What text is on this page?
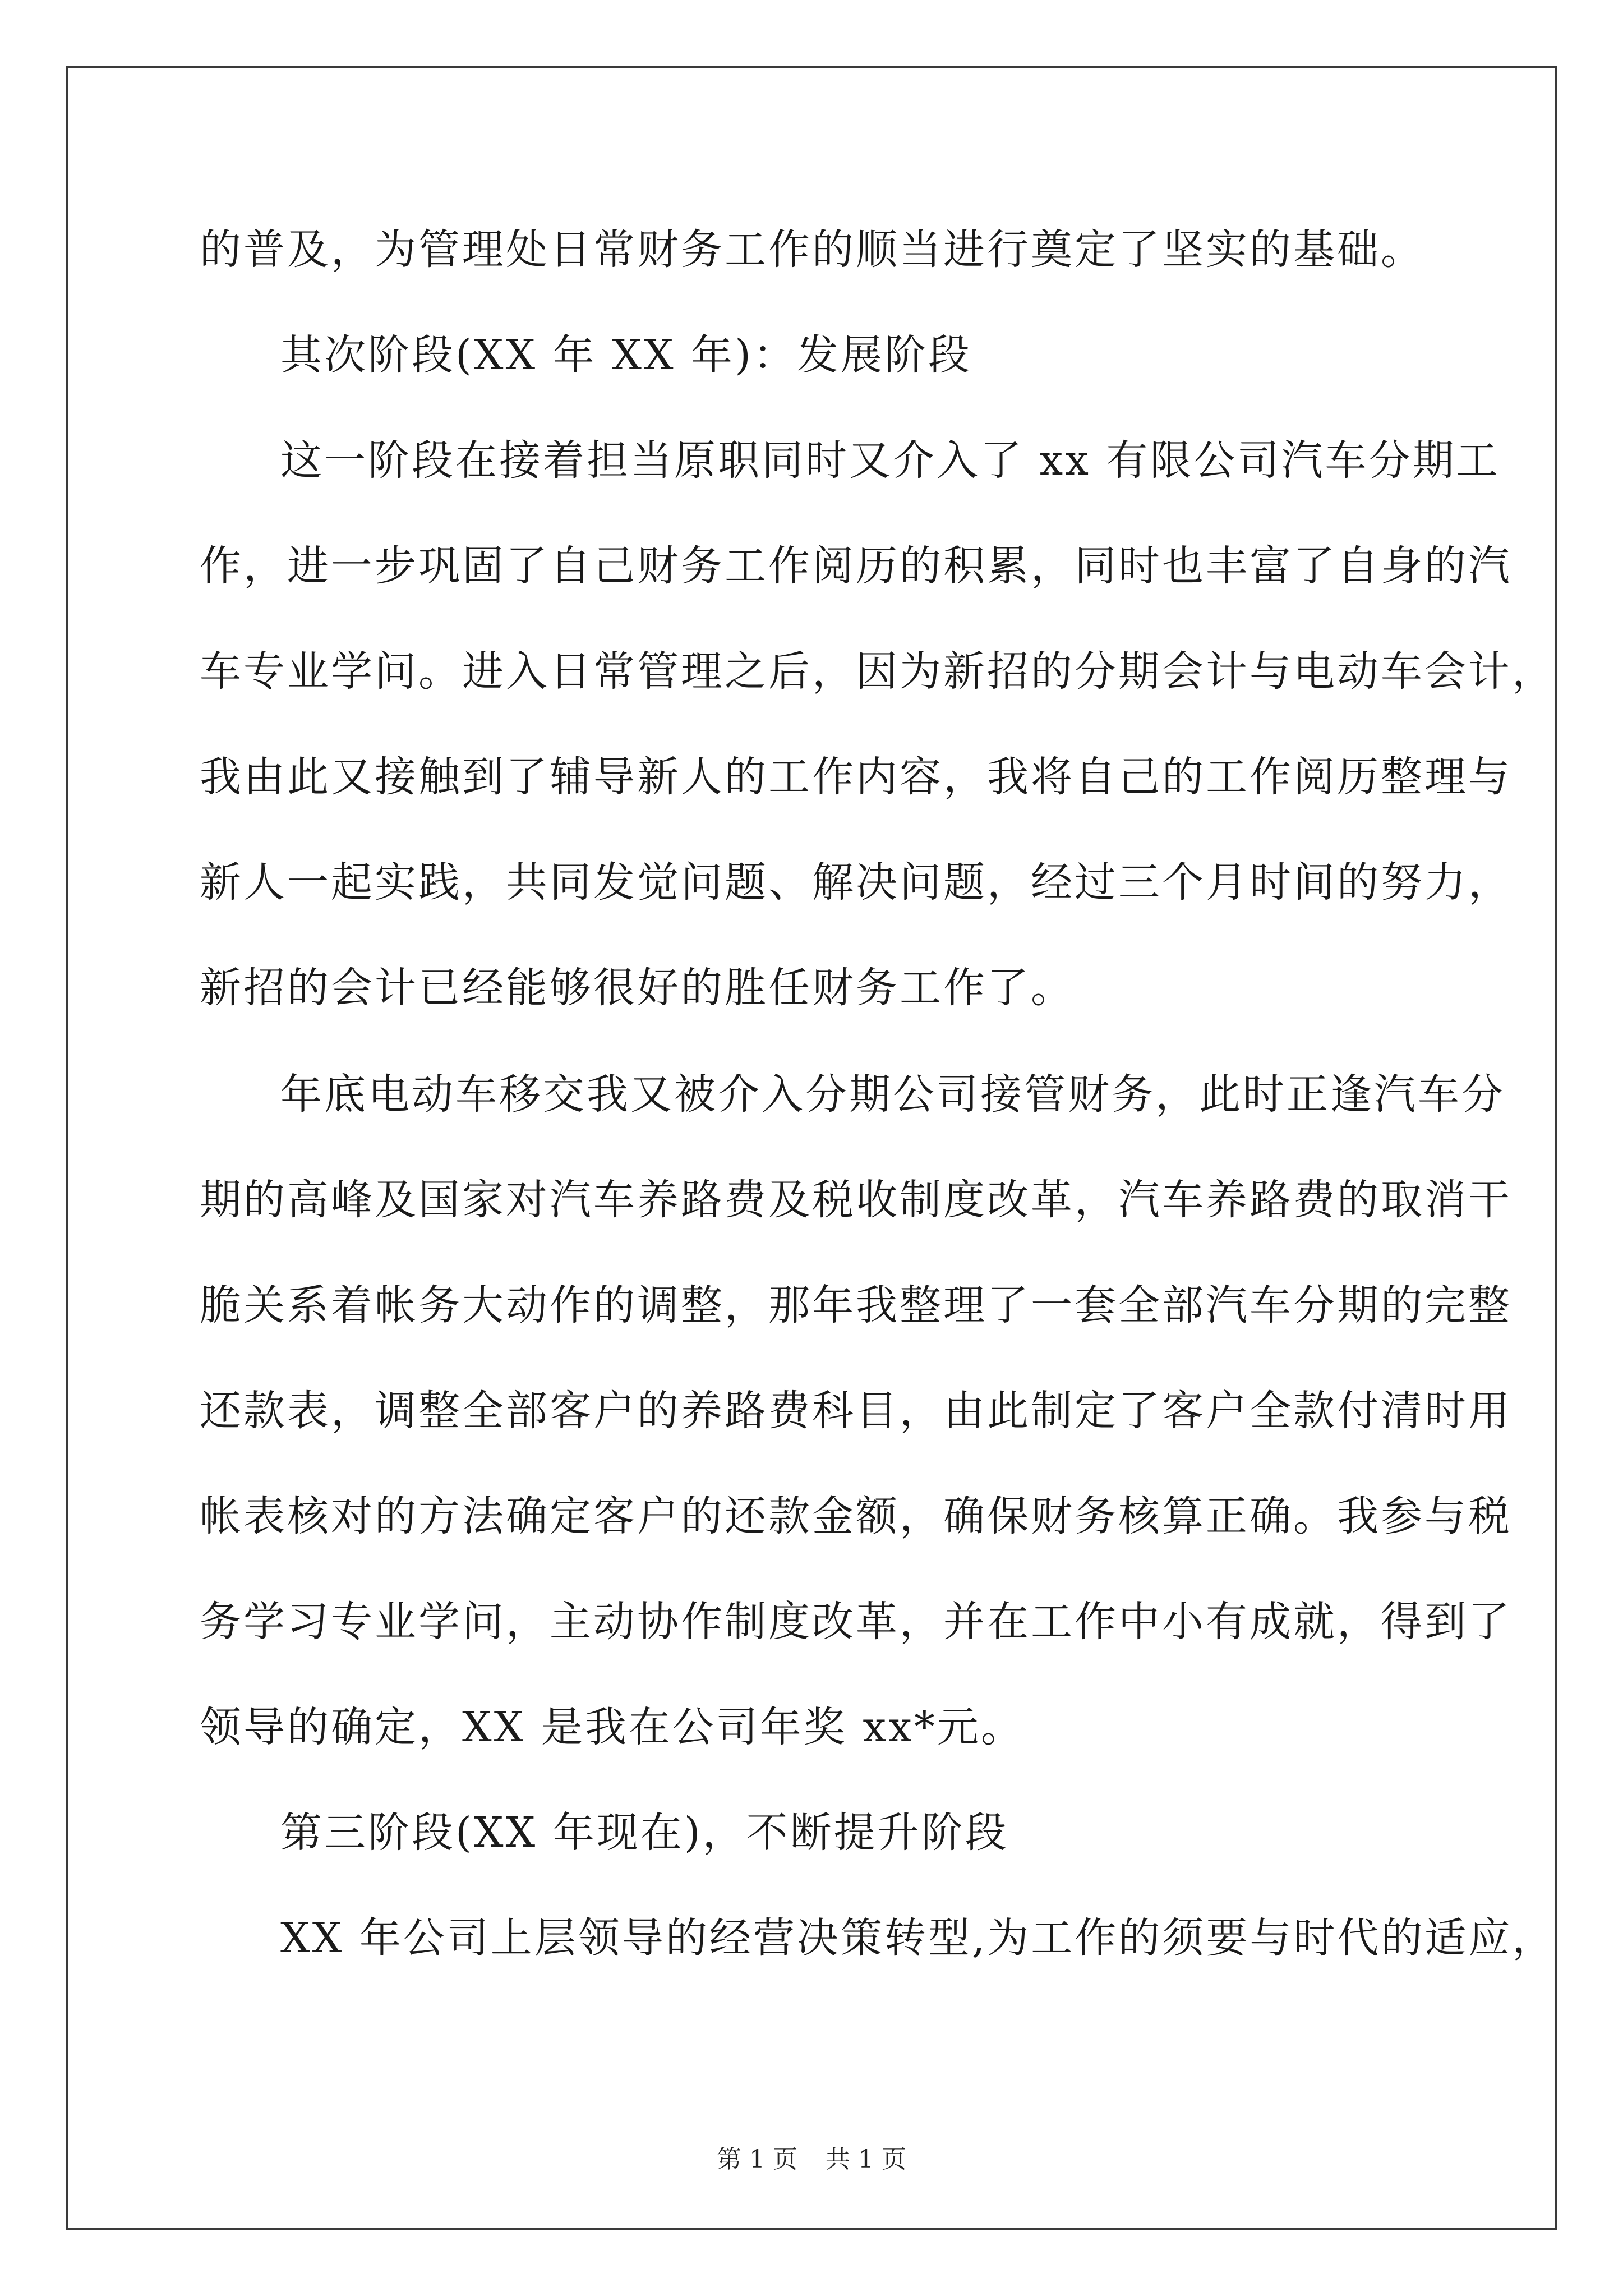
的普及，为管理处日常财务工作的顺当进行奠定了坚实的基础。
其次阶段(XX 年 XX 年)：发展阶段
这一阶段在接着担当原职同时又介入了 xx 有限公司汽车分期工
作，进一步巩固了自己财务工作阅历的积累，同时也丰富了自身的汽
车专业学问。进入日常管理之后，因为新招的分期会计与电动车会计，
我由此又接触到了辅导新人的工作内容，我将自己的工作阅历整理与
新人一起实践，共同发觉问题、解决问题，经过三个月时间的努力，
新招的会计已经能够很好的胜任财务工作了。
年底电动车移交我又被介入分期公司接管财务，此时正逢汽车分
期的高峰及国家对汽车养路费及税收制度改革，汽车养路费的取消干
脆关系着帐务大动作的调整，那年我整理了一套全部汽车分期的完整
还款表，调整全部客户的养路费科目，由此制定了客户全款付清时用
帐表核对的方法确定客户的还款金额，确保财务核算正确。我参与税
务学习专业学问，主动协作制度改革，并在工作中小有成就，得到了
领导的确定，XX 是我在公司年奖 xx*元。
第三阶段(XX 年现在)，不断提升阶段
XX 年公司上层领导的经营决策转型,为工作的须要与时代的适应，
第 1 页 共 1 页
